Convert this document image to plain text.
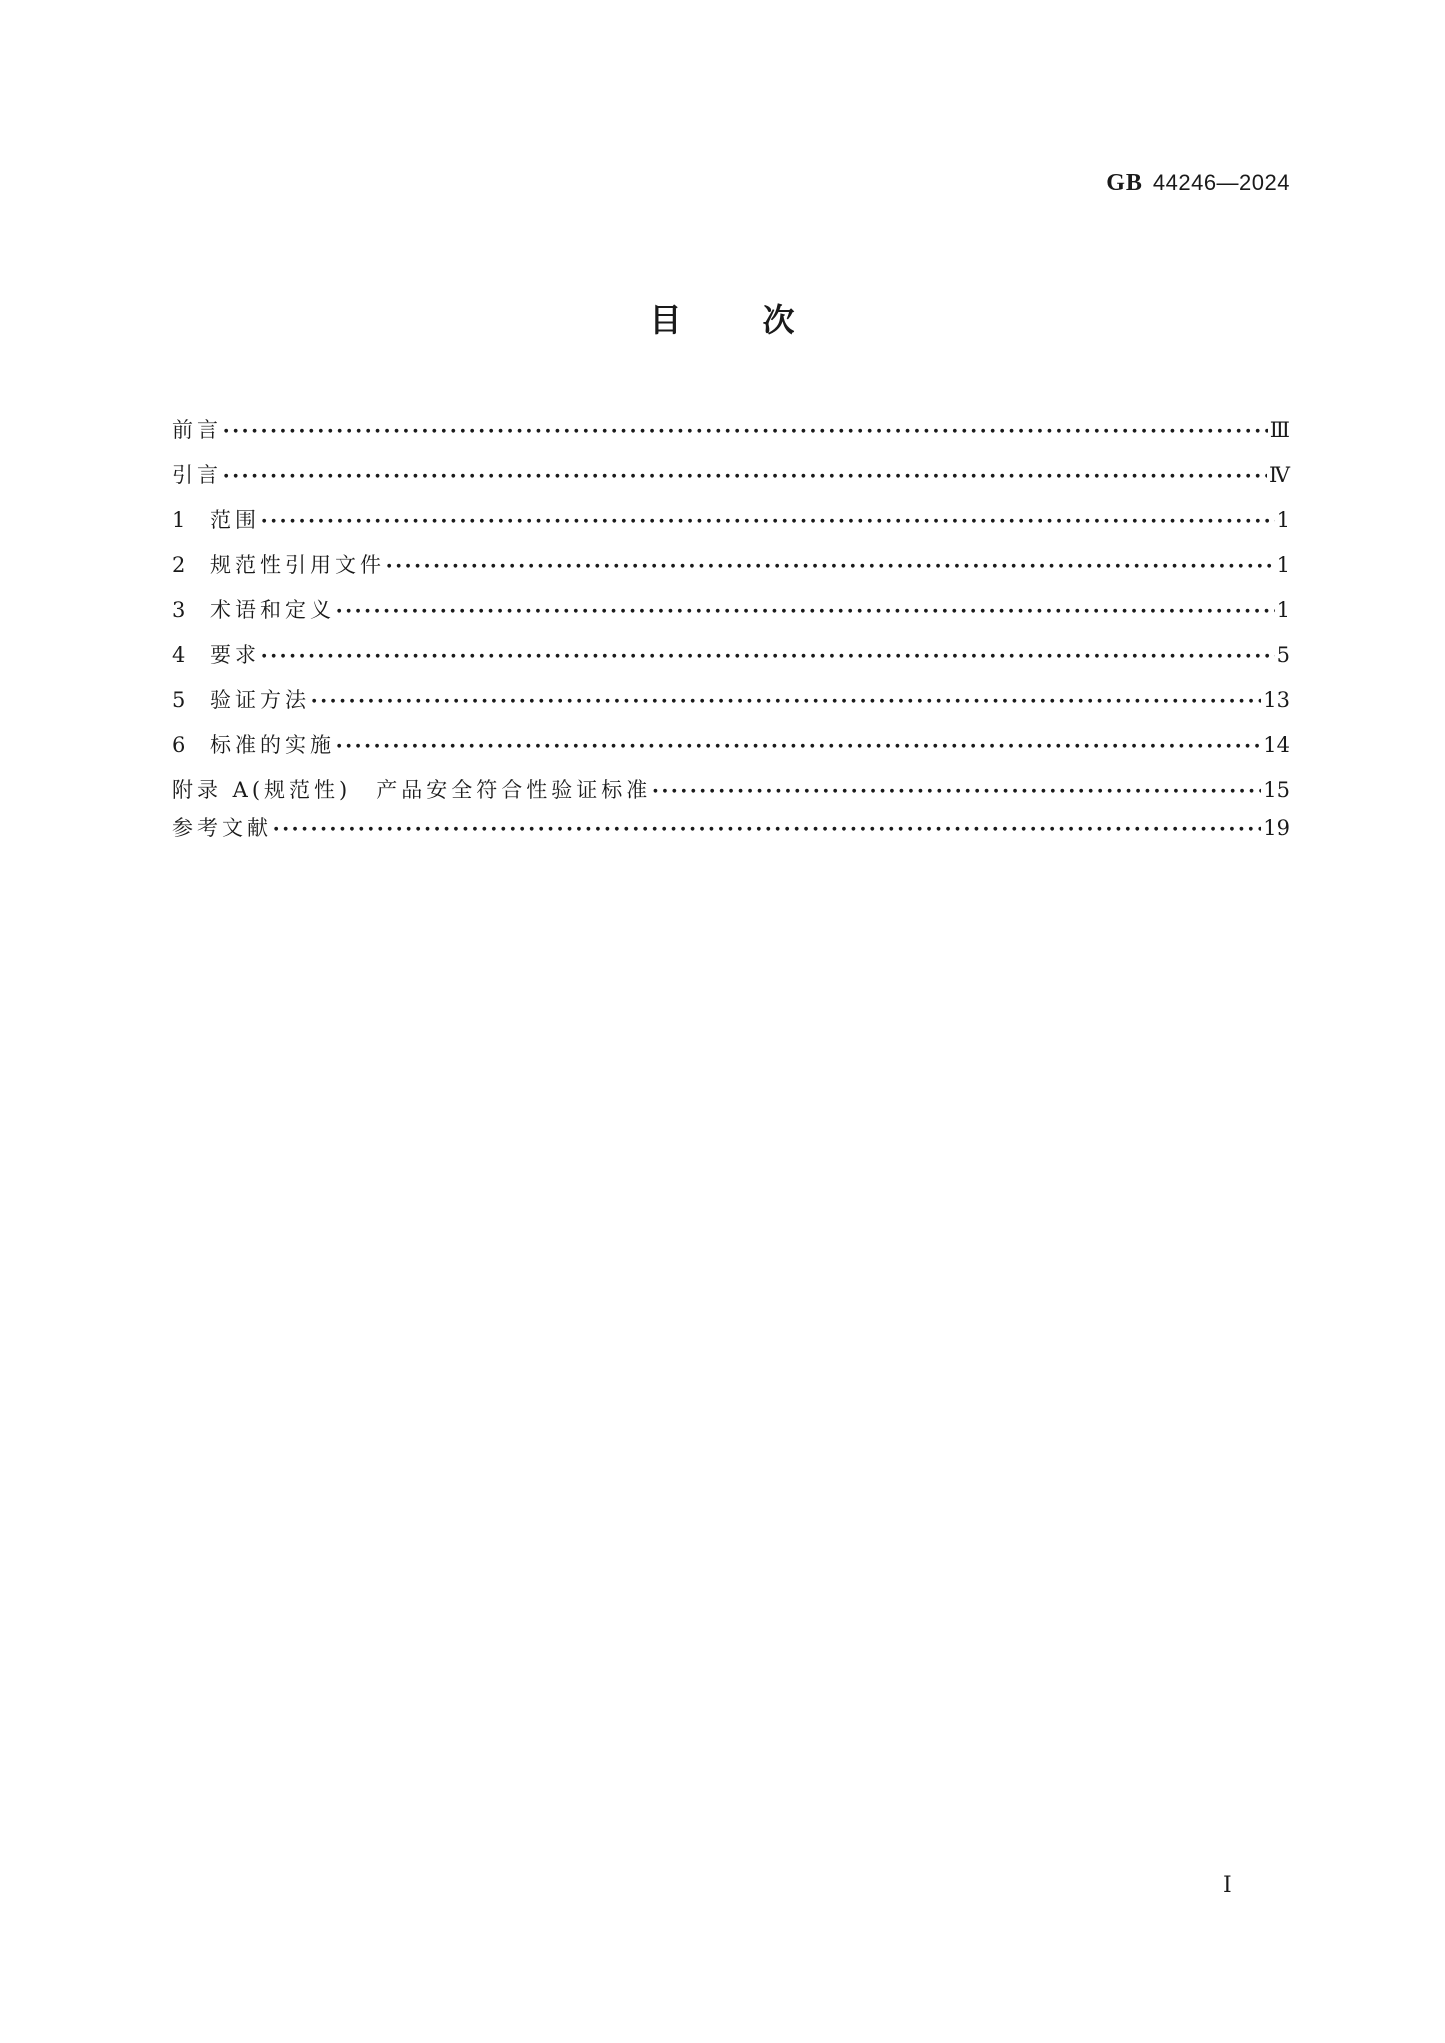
GB 44246—2024
目	次
前言 ●●●●●●●●●●●●●●●●●●●●●●●●●●●●●●●●●●●●●●●●●●●●●●●●●●●●●●●●●●●●●●●●●●●●●●●●●●●●●●●●●●●●●●●●●●●●●●●●●●●●●●●●●●●●●●●●●●●●●●●●●●●●●●●●●●●●●●●●●●●●●●●●●●●●●●●●●●●●●●●●●●●●●●●●●●●●●●●●●●●●●●●●●●●●●●●●●●●●●●●●	Ⅲ
引言 ●●●●●●●●●●●●●●●●●●●●●●●●●●●●●●●●●●●●●●●●●●●●●●●●●●●●●●●●●●●●●●●●●●●●●●●●●●●●●●●●●●●●●●●●●●●●●●●●●●●●●●●●●●●●●●●●●●●●●●●●●●●●●●●●●●●●●●●●●●●●●●●●●●●●●●●●●●●●●●●●●●●●●●●●●●●●●●●●●●●●●●●●●●●●●●●●●●●●●●●●	Ⅳ
1	范围 ●●●●●●●●●●●●●●●●●●●●●●●●●●●●●●●●●●●●●●●●●●●●●●●●●●●●●●●●●●●●●●●●●●●●●●●●●●●●●●●●●●●●●●●●●●●●●●●●●●●●●●●●●●●●●●●●●●●●●●●●●●●●●●●●●●●●●●●●●●●●●●●●●●●●●●●●●●●●●●●●●●●●●●●●●●●●●●●●●●●●●●●●●●●●●●●●●●●●●●●●	1
2	规范性引用文件 ●●●●●●●●●●●●●●●●●●●●●●●●●●●●●●●●●●●●●●●●●●●●●●●●●●●●●●●●●●●●●●●●●●●●●●●●●●●●●●●●●●●●●●●●●●●●●●●●●●●●●●●●●●●●●●●●●●●●●●●●●●●●●●●●●●●●●●●●●●●●●●●●●●●●●●●●●●●●●●●●●●●●●●●●●●●●●●●●●●●●●●●●●●●●●●●●●●●●●●●●	1
3	术语和定义 ●●●●●●●●●●●●●●●●●●●●●●●●●●●●●●●●●●●●●●●●●●●●●●●●●●●●●●●●●●●●●●●●●●●●●●●●●●●●●●●●●●●●●●●●●●●●●●●●●●●●●●●●●●●●●●●●●●●●●●●●●●●●●●●●●●●●●●●●●●●●●●●●●●●●●●●●●●●●●●●●●●●●●●●●●●●●●●●●●●●●●●●●●●●●●●●●●●●●●●●●	1
4	要求 ●●●●●●●●●●●●●●●●●●●●●●●●●●●●●●●●●●●●●●●●●●●●●●●●●●●●●●●●●●●●●●●●●●●●●●●●●●●●●●●●●●●●●●●●●●●●●●●●●●●●●●●●●●●●●●●●●●●●●●●●●●●●●●●●●●●●●●●●●●●●●●●●●●●●●●●●●●●●●●●●●●●●●●●●●●●●●●●●●●●●●●●●●●●●●●●●●●●●●●●●	5
5	验证方法 ●●●●●●●●●●●●●●●●●●●●●●●●●●●●●●●●●●●●●●●●●●●●●●●●●●●●●●●●●●●●●●●●●●●●●●●●●●●●●●●●●●●●●●●●●●●●●●●●●●●●●●●●●●●●●●●●●●●●●●●●●●●●●●●●●●●●●●●●●●●●●●●●●●●●●●●●●●●●●●●●●●●●●●●●●●●●●●●●●●●●●●●●●●●●●●●●●●●●●●●●	13
6	标准的实施 ●●●●●●●●●●●●●●●●●●●●●●●●●●●●●●●●●●●●●●●●●●●●●●●●●●●●●●●●●●●●●●●●●●●●●●●●●●●●●●●●●●●●●●●●●●●●●●●●●●●●●●●●●●●●●●●●●●●●●●●●●●●●●●●●●●●●●●●●●●●●●●●●●●●●●●●●●●●●●●●●●●●●●●●●●●●●●●●●●●●●●●●●●●●●●●●●●●●●●●●●	14
附录 A(规范性)　产品安全符合性验证标准 ●●●●●●●●●●●●●●●●●●●●●●●●●●●●●●●●●●●●●●●●●●●●●●●●●●●●●●●●●●●●●●●●●●●●●●●●●●●●●●●●●●●●●●●●●●●●●●●●●●●●●●●●●●●●●●●●●●●●●●●●●●●●●●●●●●●●●●●●●●●●●●●●●●●●●●●●●●●●●●●●●●●●●●●●●●●●●●●●●●●●●●●●●●●●●●●●●●●●●●●●	15
参考文献 ●●●●●●●●●●●●●●●●●●●●●●●●●●●●●●●●●●●●●●●●●●●●●●●●●●●●●●●●●●●●●●●●●●●●●●●●●●●●●●●●●●●●●●●●●●●●●●●●●●●●●●●●●●●●●●●●●●●●●●●●●●●●●●●●●●●●●●●●●●●●●●●●●●●●●●●●●●●●●●●●●●●●●●●●●●●●●●●●●●●●●●●●●●●●●●●●●●●●●●●●	19
Ⅰ
